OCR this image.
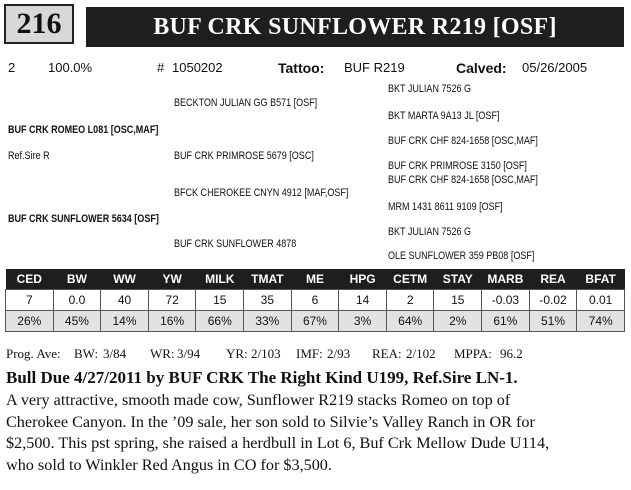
216	BUF CRK SUNFLOWER R219 [OSF]
2	100.0%	# 1050202	Tattoo: BUF R219	Calved: 05/26/2005
BKT JULIAN 7526 G
BECKTON JULIAN GG B571 [OSF]
BKT MARTA 9A13 JL [OSF]
BUF CRK ROMEO L081 [OSC,MAF]
BUF CRK CHF 824-1658 [OSC,MAF]
Ref.Sire R	BUF CRK PRIMROSE 5679 [OSC]
BUF CRK PRIMROSE 3150 [OSF]
BUF CRK CHF 824-1658 [OSC,MAF]
BFCK CHEROKEE CNYN 4912 [MAF,OSF]
MRM 1431 8611 9109 [OSF]
BUF CRK SUNFLOWER 5634 [OSF]
BKT JULIAN 7526 G
BUF CRK SUNFLOWER 4878
OLE SUNFLOWER 359 PB08 [OSF]
CED	BW	WW	YW	MILK	TMAT	ME	HPG	CETM	STAY	MARB	REA	BFAT
7	0.0	40	72	15	35	6	14	2	15	-0.03	-0.02	0.01
26%	45%	14%	16%	66%	33%	67%	3%	64%	2%	61%	51%	74%
Prog. Ave: BW: 3/84 WR: 3/94 YR: 2/103 IMF: 2/93 REA: 2/102 MPPA: 96.2
Bull Due 4/27/2011 by BUF CRK The Right Kind U199, Ref.Sire LN-1.
A very attractive, smooth made cow, Sunflower R219 stacks Romeo on top of
Cherokee Canyon. In the ’09 sale, her son sold to Silvie’s Valley Ranch in OR for
$2,500. This pst spring, she raised a herdbull in Lot 6, Buf Crk Mellow Dude U114,
who sold to Winkler Red Angus in CO for $3,500.
